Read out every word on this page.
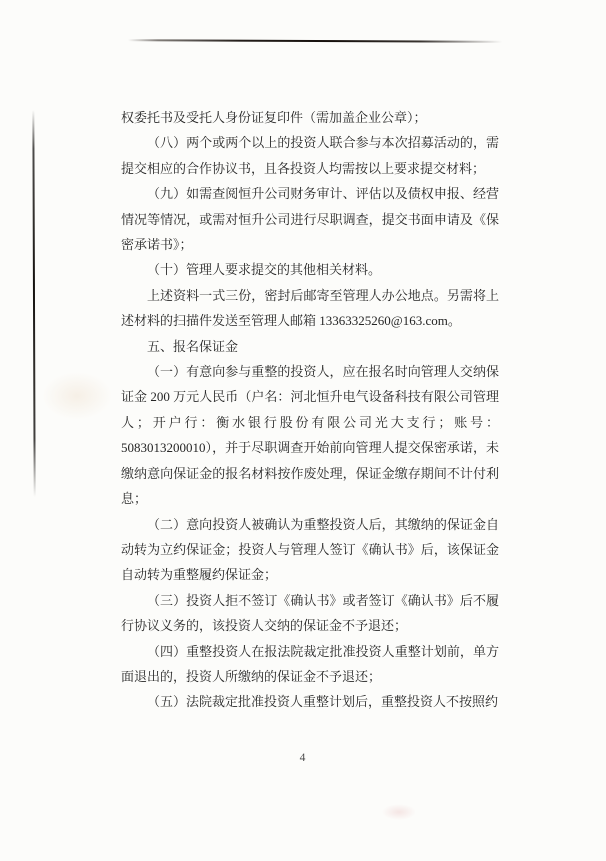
权委托书及受托人身份证复印件（需加盖企业公章）；

（八）两个或两个以上的投资人联合参与本次招募活动的，需提交相应的合作协议书，且各投资人均需按以上要求提交材料；

（九）如需查阅恒升公司财务审计、评估以及债权申报、经营情况等情况，或需对恒升公司进行尽职调查，提交书面申请及《保密承诺书》；

（十）管理人要求提交的其他相关材料。

上述资料一式三份，密封后邮寄至管理人办公地点。另需将上述材料的扫描件发送至管理人邮箱 13363325260@163.com。

五、报名保证金

（一）有意向参与重整的投资人，应在报名时向管理人交纳保证金 200 万元人民币（户名：河北恒升电气设备科技有限公司管理人；开户行：衡水银行股份有限公司光大支行；账号：5083013200010），并于尽职调查开始前向管理人提交保密承诺，未缴纳意向保证金的报名材料按作废处理，保证金缴存期间不计付利息；

（二）意向投资人被确认为重整投资人后，其缴纳的保证金自动转为立约保证金；投资人与管理人签订《确认书》后，该保证金自动转为重整履约保证金；

（三）投资人拒不签订《确认书》或者签订《确认书》后不履行协议义务的，该投资人交纳的保证金不予退还；

（四）重整投资人在报法院裁定批准投资人重整计划前，单方面退出的，投资人所缴纳的保证金不予退还；

（五）法院裁定批准投资人重整计划后，重整投资人不按照约

4
